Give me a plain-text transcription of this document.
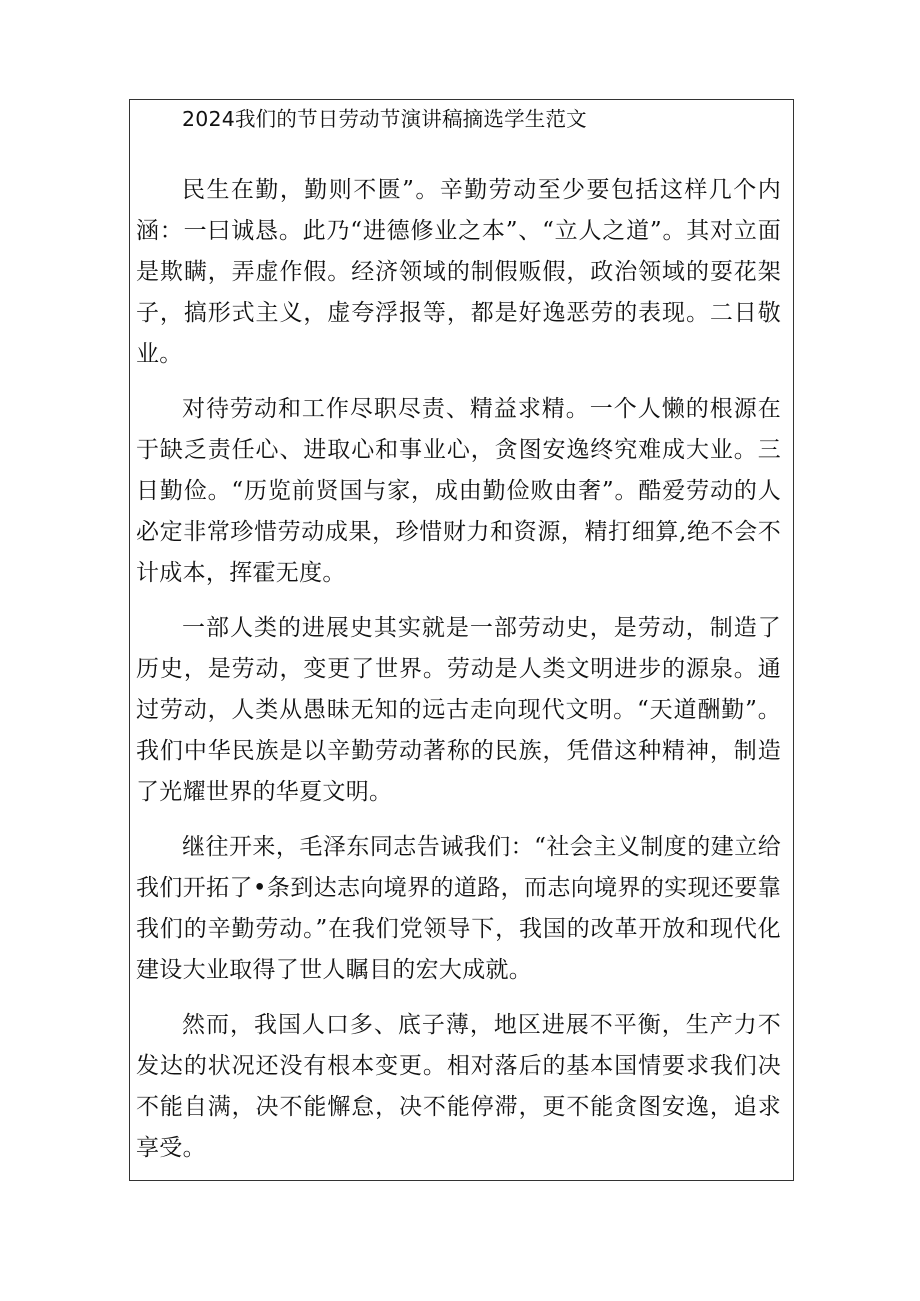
2024我们的节日劳动节演讲稿摘选学生范文

民生在勤，勤则不匮”。辛勤劳动至少要包括这样几个内涵：一曰诚恳。此乃“进德修业之本”、“立人之道”。其对立面是欺瞒，弄虚作假。经济领域的制假贩假，政治领域的耍花架子，搞形式主义，虚夸浮报等，都是好逸恶劳的表现。二日敬业。

对待劳动和工作尽职尽责、精益求精。一个人懒的根源在于缺乏责任心、进取心和事业心，贪图安逸终究难成大业。三日勤俭。“历览前贤国与家，成由勤俭败由奢”。酷爱劳动的人必定非常珍惜劳动成果，珍惜财力和资源，精打细算,绝不会不计成本，挥霍无度。

一部人类的进展史其实就是一部劳动史，是劳动，制造了历史，是劳动，变更了世界。劳动是人类文明进步的源泉。通过劳动，人类从愚昧无知的远古走向现代文明。“天道酬勤”。我们中华民族是以辛勤劳动著称的民族，凭借这种精神，制造了光耀世界的华夏文明。

继往开来，毛泽东同志告诫我们：“社会主义制度的建立给我们开拓了•条到达志向境界的道路，而志向境界的实现还要靠我们的辛勤劳动。”在我们党领导下，我国的改革开放和现代化建设大业取得了世人瞩目的宏大成就。

然而，我国人口多、底子薄，地区进展不平衡，生产力不发达的状况还没有根本变更。相对落后的基本国情要求我们决不能自满，决不能懈怠，决不能停滞，更不能贪图安逸，追求享受。
